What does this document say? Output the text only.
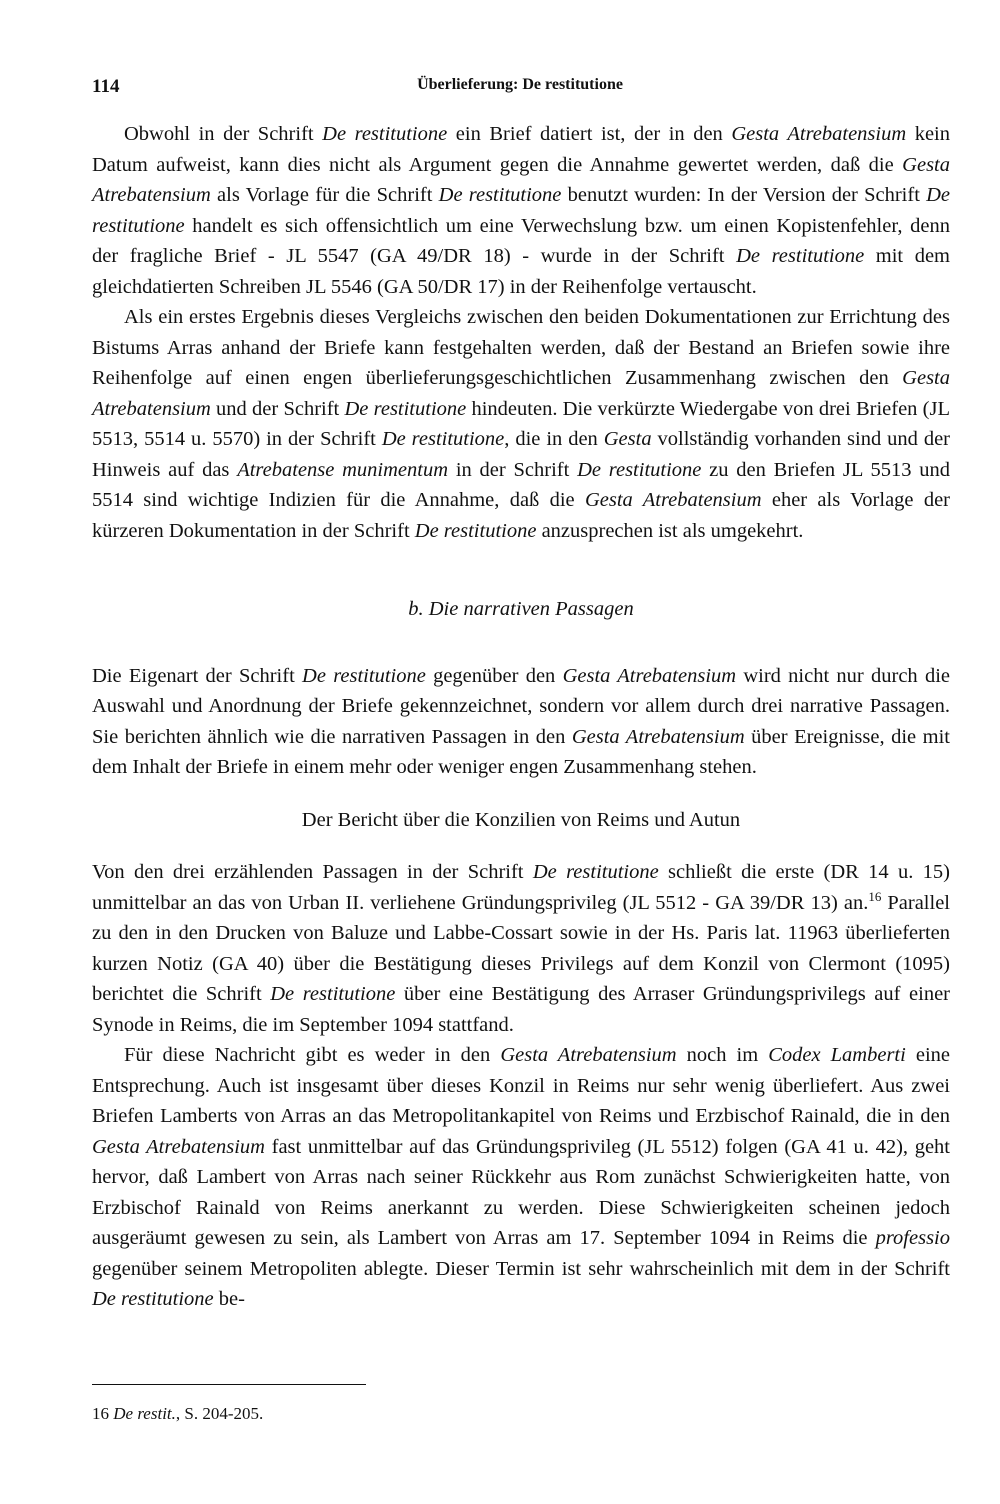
114	Überlieferung: De restitutione

Obwohl in der Schrift De restitutione ein Brief datiert ist, der in den Gesta Atrebatensium kein Datum aufweist, kann dies nicht als Argument gegen die Annahme gewertet werden, daß die Gesta Atrebatensium als Vorlage für die Schrift De restitutione benutzt wurden: In der Version der Schrift De restitutione handelt es sich offensichtlich um eine Verwechslung bzw. um einen Kopistenfehler, denn der fragliche Brief - JL 5547 (GA 49/DR 18) - wurde in der Schrift De restitutione mit dem gleichdatierten Schreiben JL 5546 (GA 50/DR 17) in der Reihenfolge vertauscht.

Als ein erstes Ergebnis dieses Vergleichs zwischen den beiden Dokumentationen zur Errichtung des Bistums Arras anhand der Briefe kann festgehalten werden, daß der Bestand an Briefen sowie ihre Reihenfolge auf einen engen überlieferungsgeschichtlichen Zusammenhang zwischen den Gesta Atrebatensium und der Schrift De restitutione hindeuten. Die verkürzte Wiedergabe von drei Briefen (JL 5513, 5514 u. 5570) in der Schrift De restitutione, die in den Gesta vollständig vorhanden sind und der Hinweis auf das Atrebatense munimentum in der Schrift De restitutione zu den Briefen JL 5513 und 5514 sind wichtige Indizien für die Annahme, daß die Gesta Atrebatensium eher als Vorlage der kürzeren Dokumentation in der Schrift De restitutione anzusprechen ist als umgekehrt.

b. Die narrativen Passagen

Die Eigenart der Schrift De restitutione gegenüber den Gesta Atrebatensium wird nicht nur durch die Auswahl und Anordnung der Briefe gekennzeichnet, sondern vor allem durch drei narrative Passagen. Sie berichten ähnlich wie die narrativen Passagen in den Gesta Atrebatensium über Ereignisse, die mit dem Inhalt der Briefe in einem mehr oder weniger engen Zusammenhang stehen.

Der Bericht über die Konzilien von Reims und Autun

Von den drei erzählenden Passagen in der Schrift De restitutione schließt die erste (DR 14 u. 15) unmittelbar an das von Urban II. verliehene Gründungsprivileg (JL 5512 - GA 39/DR 13) an.$^{16}$ Parallel zu den in den Drucken von Baluze und Labbe-Cossart sowie in der Hs. Paris lat. 11963 überlieferten kurzen Notiz (GA 40) über die Bestätigung dieses Privilegs auf dem Konzil von Clermont (1095) berichtet die Schrift De restitutione über eine Bestätigung des Arraser Gründungsprivilegs auf einer Synode in Reims, die im September 1094 stattfand.

Für diese Nachricht gibt es weder in den Gesta Atrebatensium noch im Codex Lamberti eine Entsprechung. Auch ist insgesamt über dieses Konzil in Reims nur sehr wenig überliefert. Aus zwei Briefen Lamberts von Arras an das Metropolitankapitel von Reims und Erzbischof Rainald, die in den Gesta Atrebatensium fast unmittelbar auf das Gründungsprivileg (JL 5512) folgen (GA 41 u. 42), geht hervor, daß Lambert von Arras nach seiner Rückkehr aus Rom zunächst Schwierigkeiten hatte, von Erzbischof Rainald von Reims anerkannt zu werden. Diese Schwierigkeiten scheinen jedoch ausgeräumt gewesen zu sein, als Lambert von Arras am 17. September 1094 in Reims die professio gegenüber seinem Metropoliten ablegte. Dieser Termin ist sehr wahrscheinlich mit dem in der Schrift De restitutione be-

16 De restit., S. 204-205.
